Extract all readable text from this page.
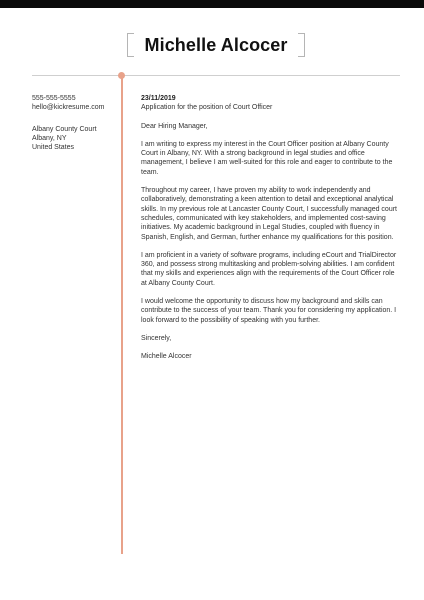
Michelle Alcocer
555-555-5555
hello@kickresume.com
Albany County Court
Albany, NY
United States

23/11/2019

Application for the position of Court Officer

Dear Hiring Manager,

I am writing to express my interest in the Court Officer position at Albany County Court in Albany, NY. With a strong background in legal studies and office management, I believe I am well-suited for this role and eager to contribute to the team.

Throughout my career, I have proven my ability to work independently and collaboratively, demonstrating a keen attention to detail and exceptional analytical skills. In my previous role at Lancaster County Court, I successfully managed court schedules, communicated with key stakeholders, and implemented cost-saving initiatives. My academic background in Legal Studies, coupled with fluency in Spanish, English, and German, further enhance my qualifications for this position.

I am proficient in a variety of software programs, including eCourt and TrialDirector 360, and possess strong multitasking and problem-solving abilities. I am confident that my skills and experiences align with the requirements of the Court Officer role at Albany County Court.

I would welcome the opportunity to discuss how my background and skills can contribute to the success of your team. Thank you for considering my application. I look forward to the possibility of speaking with you further.

Sincerely,

Michelle Alcocer
